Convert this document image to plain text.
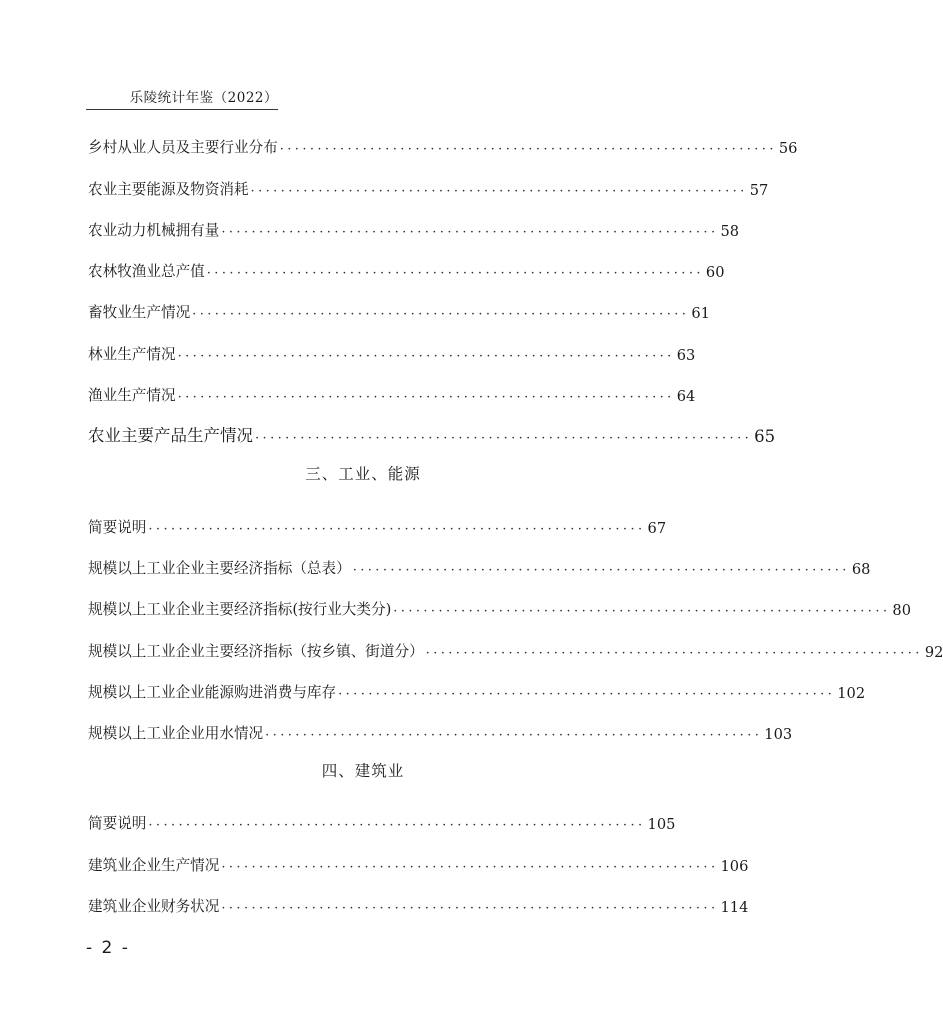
乐陵统计年鉴（2022）
乡村从业人员及主要行业分布 ·································································· 56
农业主要能源及物资消耗 ·································································· 57
农业动力机械拥有量 ·································································· 58
农林牧渔业总产值 ·································································· 60
畜牧业生产情况 ·································································· 61
林业生产情况 ·································································· 63
渔业生产情况 ·································································· 64
农业主要产品生产情况 ·································································· 65
三、工业、能源
简要说明 ·································································· 67
规模以上工业企业主要经济指标（总表） ·································································· 68
规模以上工业企业主要经济指标(按行业大类分) ·································································· 80
规模以上工业企业主要经济指标（按乡镇、街道分） ·································································· 92
规模以上工业企业能源购进消费与库存 ·································································· 102
规模以上工业企业用水情况 ·································································· 103
四、建筑业
简要说明 ·································································· 105
建筑业企业生产情况 ·································································· 106
建筑业企业财务状况 ·································································· 114
- 2 -
